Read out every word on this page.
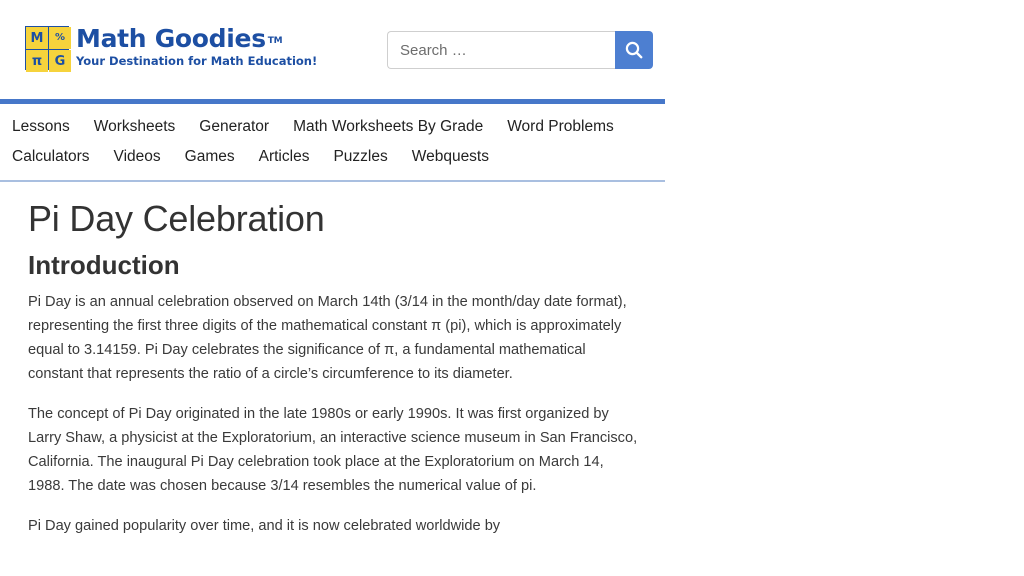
M	%
π G
Math Goodies ™
Your Destination for Math Education!
Search …
Lessons Worksheets Generator Math Worksheets By Grade Word Problems
Calculators Videos Games Articles Puzzles Webquests
Pi Day Celebration
Introduction

Pi Day is an annual celebration observed on March 14th (3/14 in the month/day date format), representing the first three digits of the mathematical constant π (pi), which is approximately equal to 3.14159. Pi Day celebrates the significance of π, a fundamental mathematical constant that represents the ratio of a circle’s circumference to its diameter.

The concept of Pi Day originated in the late 1980s or early 1990s. It was first organized by Larry Shaw, a physicist at the Exploratorium, an interactive science museum in San Francisco, California. The inaugural Pi Day celebration took place at the Exploratorium on March 14, 1988. The date was chosen because 3/14 resembles the numerical value of pi.

Pi Day gained popularity over time, and it is now celebrated worldwide by
